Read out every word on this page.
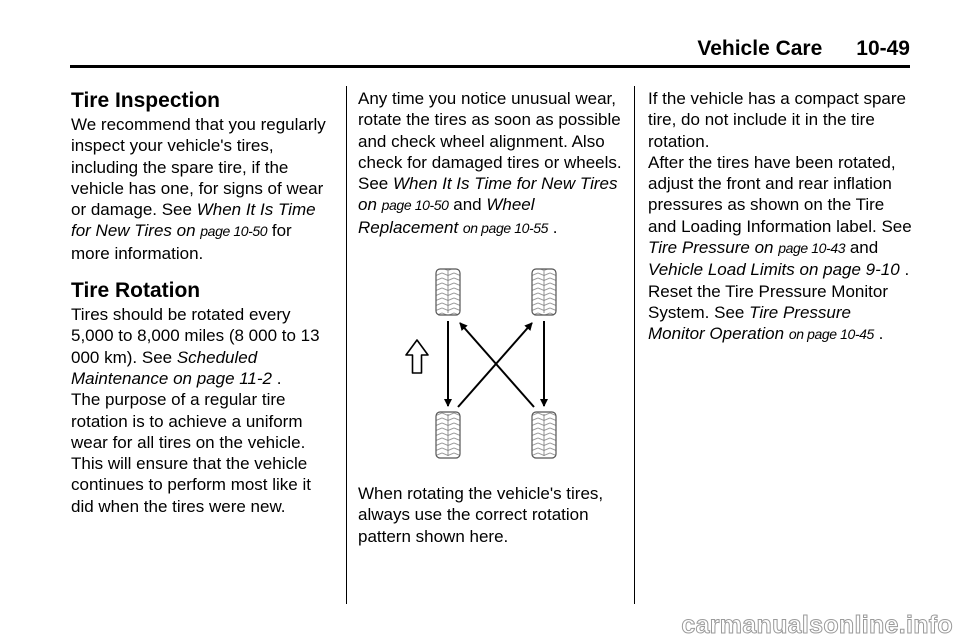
Vehicle Care 10-49
Tire Inspection

We recommend that you regularly inspect your vehicle's tires, including the spare tire, if the vehicle has one, for signs of wear or damage. See When It Is Time for New Tires on page 10-50 for more information.

Tire Rotation

Tires should be rotated every 5,000 to 8,000 miles (8 000 to 13 000 km). See Scheduled Maintenance on page 11-2 .

The purpose of a regular tire rotation is to achieve a uniform wear for all tires on the vehicle. This will ensure that the vehicle continues to perform most like it did when the tires were new.

Any time you notice unusual wear, rotate the tires as soon as possible and check wheel alignment. Also check for damaged tires or wheels. See When It Is Time for New Tires on page 10-50 and Wheel Replacement on page 10-55 .

When rotating the vehicle's tires, always use the correct rotation pattern shown here.

If the vehicle has a compact spare tire, do not include it in the tire rotation.

After the tires have been rotated, adjust the front and rear inflation pressures as shown on the Tire and Loading Information label. See Tire Pressure on page 10-43 and Vehicle Load Limits on page 9-10 .

Reset the Tire Pressure Monitor System. See Tire Pressure Monitor Operation on page 10-45 .

carmanualsonline.info
